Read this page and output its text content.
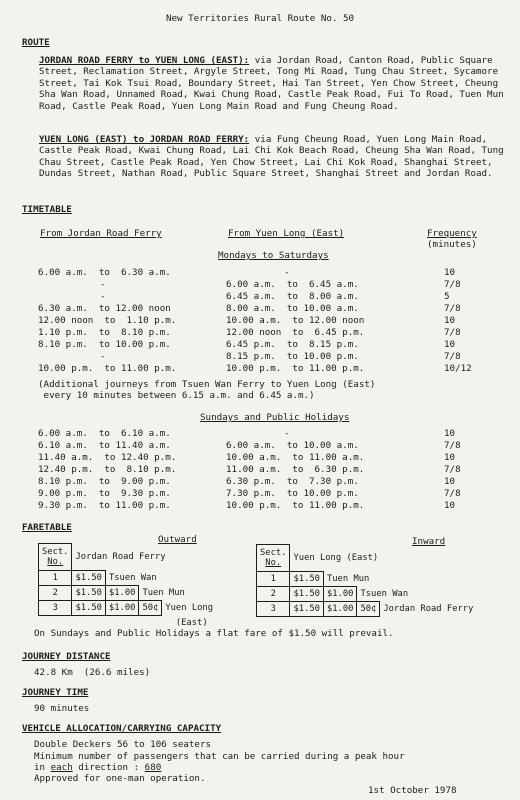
New Territories Rural Route No. 50
ROUTE
JORDAN ROAD FERRY to YUEN LONG (EAST): via Jordan Road, Canton Road, Public Square Street, Reclamation Street, Argyle Street, Tong Mi Road, Tung Chau Street, Sycamore Street, Tai Kok Tsui Road, Boundary Street, Hai Tan Street, Yen Chow Street, Cheung Sha Wan Road, Unnamed Road, Kwai Chung Road, Castle Peak Road, Fui To Road, Tuen Mun Road, Castle Peak Road, Yuen Long Main Road and Fung Cheung Road.
YUEN LONG (EAST) to JORDAN ROAD FERRY: via Fung Cheung Road, Yuen Long Main Road, Castle Peak Road, Kwai Chung Road, Lai Chi Kok Beach Road, Cheung Sha Wan Road, Tung Chau Street, Castle Peak Road, Yen Chow Street, Lai Chi Kok Road, Shanghai Street, Dundas Street, Nathan Road, Public Square Street, Shanghai Street and Jordan Road.
TIMETABLE
From Jordan Road Ferry	From Yuen Long (East)	Frequency
(minutes)
Mondays to Saturdays
6.00 a.m.  to  6.30 a.m.	-	10
-	6.00 a.m.  to  6.45 a.m.	7/8
-	6.45 a.m.  to  8.00 a.m.	5
6.30 a.m.  to 12.00 noon	8.00 a.m.  to 10.00 a.m.	7/8
12.00 noon  to  1.10 p.m.	10.00 a.m.  to 12.00 noon	10
1.10 p.m.  to  8.10 p.m.	12.00 noon  to  6.45 p.m.	7/8
8.10 p.m.  to 10.00 p.m.	6.45 p.m.  to  8.15 p.m.	10
-	8.15 p.m.  to 10.00 p.m.	7/8
10.00 p.m.  to 11.00 p.m.	10.00 p.m.  to 11.00 p.m.	10/12
(Additional journeys from Tsuen Wan Ferry to Yuen Long (East)
every 10 minutes between 6.15 a.m. and 6.45 a.m.)
Sundays and Public Holidays
6.00 a.m.  to  6.10 a.m.	-	10
6.10 a.m.  to 11.40 a.m.	6.00 a.m.  to 10.00 a.m.	7/8
11.40 a.m.  to 12.40 p.m.	10.00 a.m.  to 11.00 a.m.	10
12.40 p.m.  to  8.10 p.m.	11.00 a.m.  to  6.30 p.m.	7/8
8.10 p.m.  to  9.00 p.m.	6.30 p.m.  to  7.30 p.m.	10
9.00 p.m.  to  9.30 p.m.	7.30 p.m.  to 10.00 p.m.	7/8
9.30 p.m.  to 11.00 p.m.	10.00 p.m.  to 11.00 p.m.	10
FARETABLE
Outward	Inward
Sect.
No.	Jordan Road Ferry			
1	$1.50	Tsuen Wan		
2	$1.50	$1.00	Tuen Mun	
3	$1.50	$1.00	50¢	Yuen Long
				(East)
Sect.
No.	Yuen Long (East)			
1	$1.50	Tuen Mun		
2	$1.50	$1.00	Tsuen Wan	
3	$1.50	$1.00	50¢	Jordan Road Ferry
On Sundays and Public Holidays a flat fare of $1.50 will prevail.
JOURNEY DISTANCE
42.8 Km  (26.6 miles)
JOURNEY TIME
90 minutes
VEHICLE ALLOCATION/CARRYING CAPACITY
Double Deckers 56 to 106 seaters
Minimum number of passengers that can be carried during a peak hour
in each direction : 680
Approved for one-man operation.
1st October 1978
